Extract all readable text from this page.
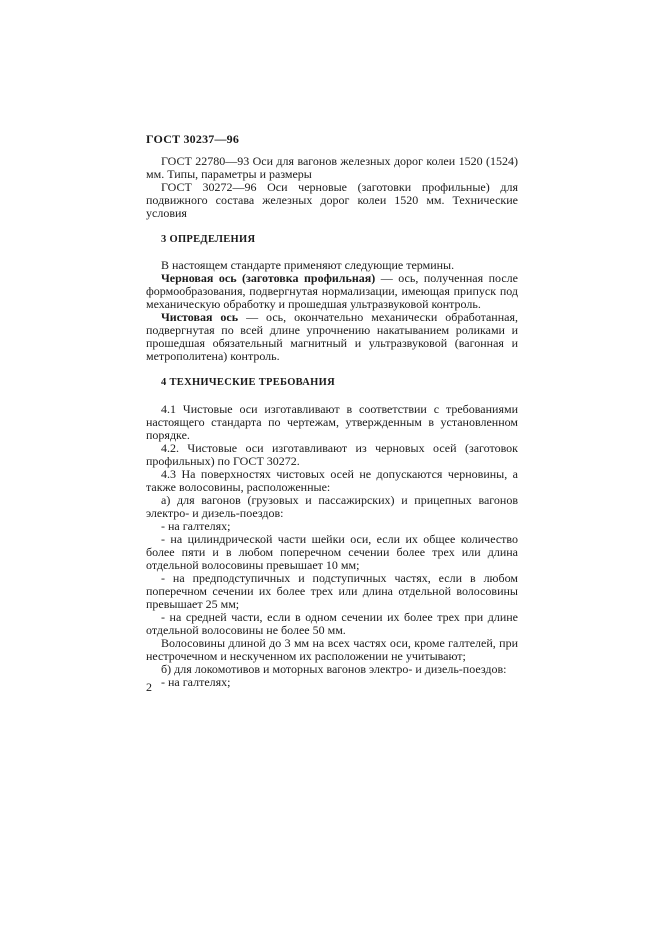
ГОСТ 30237—96

ГОСТ 22780—93 Оси для вагонов железных дорог колеи 1520 (1524) мм. Типы, параметры и размеры

ГОСТ 30272—96 Оси черновые (заготовки профильные) для подвижного состава железных дорог колеи 1520 мм. Технические условия

3 ОПРЕДЕЛЕНИЯ

В настоящем стандарте применяют следующие термины.

Черновая ось (заготовка профильная) — ось, полученная после формообразования, подвергнутая нормализации, имеющая припуск под механическую обработку и прошедшая ультразвуковой контроль.

Чистовая ось — ось, окончательно механически обработанная, подвергнутая по всей длине упрочнению накатыванием роликами и прошедшая обязательный магнитный и ультразвуковой (вагонная и метрополитена) контроль.

4 ТЕХНИЧЕСКИЕ ТРЕБОВАНИЯ

4.1 Чистовые оси изготавливают в соответствии с требованиями настоящего стандарта по чертежам, утвержденным в установленном порядке.

4.2. Чистовые оси изготавливают из черновых осей (заготовок профильных) по ГОСТ 30272.

4.3 На поверхностях чистовых осей не допускаются черновины, а также волосовины, расположенные:

а) для вагонов (грузовых и пассажирских) и прицепных вагонов электро- и дизель-поездов:

- на галтелях;

- на цилиндрической части шейки оси, если их общее количество более пяти и в любом поперечном сечении более трех или длина отдельной волосовины превышает 10 мм;

- на предподступичных и подступичных частях, если в любом поперечном сечении их более трех или длина отдельной волосовины превышает 25 мм;

- на средней части, если в одном сечении их более трех при длине отдельной волосовины не более 50 мм.

Волосовины длиной до 3 мм на всех частях оси, кроме галтелей, при нестрочечном и нескученном их расположении не учитывают;

б) для локомотивов и моторных вагонов электро- и дизель-поездов:

- на галтелях;

2
